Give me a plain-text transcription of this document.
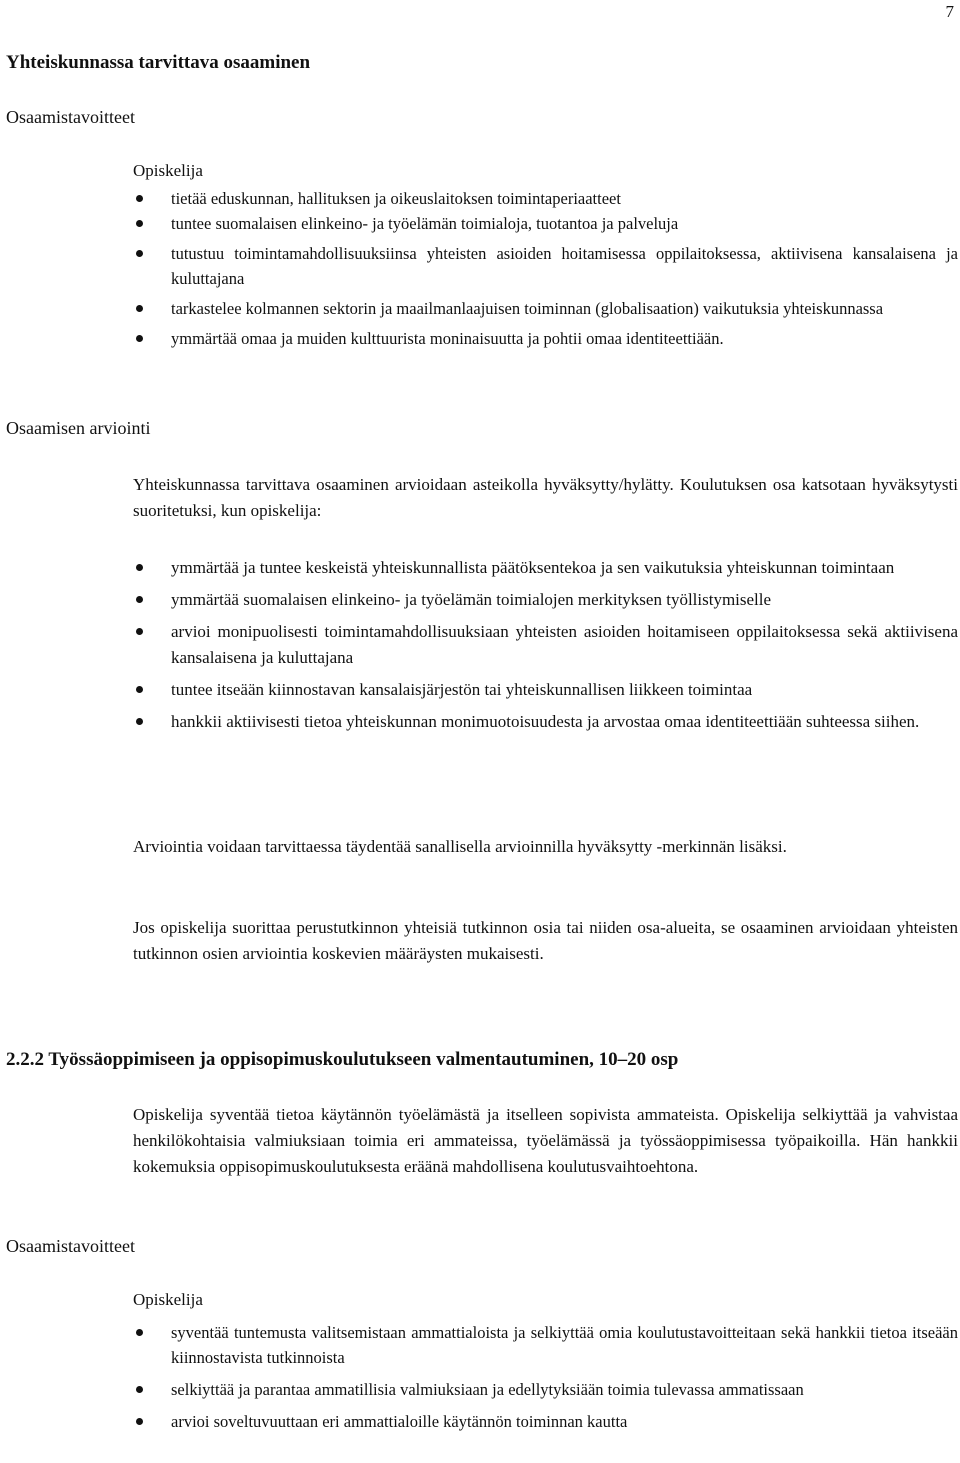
7
Yhteiskunnassa tarvittava osaaminen
Osaamistavoitteet
Opiskelija
tietää eduskunnan, hallituksen ja oikeuslaitoksen toimintaperiaatteet
tuntee suomalaisen elinkeino- ja työelämän toimialoja, tuotantoa ja palveluja
tutustuu toimintamahdollisuuksiinsa yhteisten asioiden hoitamisessa oppilaitoksessa, aktiivisena kansalaisena ja kuluttajana
tarkastelee kolmannen sektorin ja maailmanlaajuisen toiminnan (globalisaation) vaikutuksia yhteiskunnassa
ymmärtää omaa ja muiden kulttuurista moninaisuutta ja pohtii omaa identiteettiään.
Osaamisen arviointi
Yhteiskunnassa tarvittava osaaminen arvioidaan asteikolla hyväksytty/hylätty. Koulutuksen osa katsotaan hyväksytysti suoritetuksi, kun opiskelija:
ymmärtää ja tuntee keskeistä yhteiskunnallista päätöksentekoa ja sen vaikutuksia yhteiskunnan toimintaan
ymmärtää suomalaisen elinkeino- ja työelämän toimialojen merkityksen työllistymiselle
arvioi monipuolisesti toimintamahdollisuuksiaan yhteisten asioiden hoitamiseen oppilaitoksessa sekä aktiivisena kansalaisena ja kuluttajana
tuntee itseään kiinnostavan kansalaisjärjestön tai yhteiskunnallisen liikkeen toimintaa
hankkii aktiivisesti tietoa yhteiskunnan monimuotoisuudesta ja arvostaa omaa identiteettiään suhteessa siihen.
Arviointia voidaan tarvittaessa täydentää sanallisella arvioinnilla hyväksytty -merkinnän lisäksi.
Jos opiskelija suorittaa perustutkinnon yhteisiä tutkinnon osia tai niiden osa-alueita, se osaaminen arvioidaan yhteisten tutkinnon osien arviointia koskevien määräysten mukaisesti.
2.2.2 Työssäoppimiseen ja oppisopimuskoulutukseen valmentautuminen, 10–20 osp
Opiskelija syventää tietoa käytännön työelämästä ja itselleen sopivista ammateista. Opiskelija selkiyttää ja vahvistaa henkilökohtaisia valmiuksiaan toimia eri ammateissa, työelämässä ja työssäoppimisessa työpaikoilla. Hän hankkii kokemuksia oppisopimuskoulutuksesta eräänä mahdollisena koulutusvaihtoehtona.
Osaamistavoitteet
Opiskelija
syventää tuntemusta valitsemistaan ammattialoista ja selkiyttää omia koulutustavoitteitaan sekä hankkii tietoa itseään kiinnostavista tutkinnoista
selkiyttää ja parantaa ammatillisia valmiuksiaan ja edellytyksiään toimia tulevassa ammatissaan
arvioi soveltuvuuttaan eri ammattialoille käytännön toiminnan kautta
